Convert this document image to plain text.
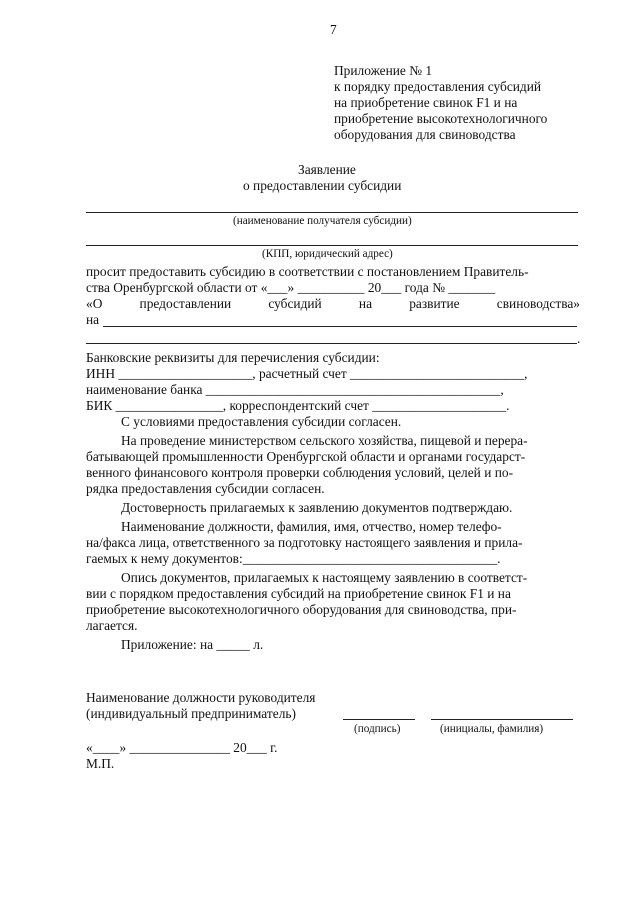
7
Приложение № 1
к порядку предоставления субсидий
на приобретение свинок F1 и на
приобретение высокотехнологичного
оборудования для свиноводства
Заявление
о предоставлении субсидии
(наименование получателя субсидии)
(КПП, юридический адрес)
просит предоставить субсидию в соответствии с постановлением Правитель-
ства Оренбургской области от «___» __________ 20___ года № _______
«О	предоставлении	субсидий	на	развитие	свиноводства»
на
.
Банковские реквизиты для перечисления субсидии:
ИНН ____________________, расчетный счет __________________________,
наименование банка ____________________________________________,
БИК ________________, корреспондентский счет ____________________.
С условиями предоставления субсидии согласен.
На проведение министерством сельского хозяйства, пищевой и перера-
батывающей промышленности Оренбургской области и органами государст-
венного финансового контроля проверки соблюдения условий, целей и по-
рядка предоставления субсидии согласен.
Достоверность прилагаемых к заявлению документов подтверждаю.
Наименование должности, фамилия, имя, отчество, номер телефо-
на/факса лица, ответственного за подготовку настоящего заявления и прила-
гаемых к нему документов:______________________________________.
Опись документов, прилагаемых к настоящему заявлению в соответст-
вии с порядком предоставления субсидий на приобретение свинок F1 и на
приобретение высокотехнологичного оборудования для свиноводства, при-
лагается.
Приложение: на _____ л.
Наименование должности руководителя
(индивидуальный предприниматель)
(подпись)	(инициалы, фамилия)
«____» _______________ 20___ г.
М.П.
